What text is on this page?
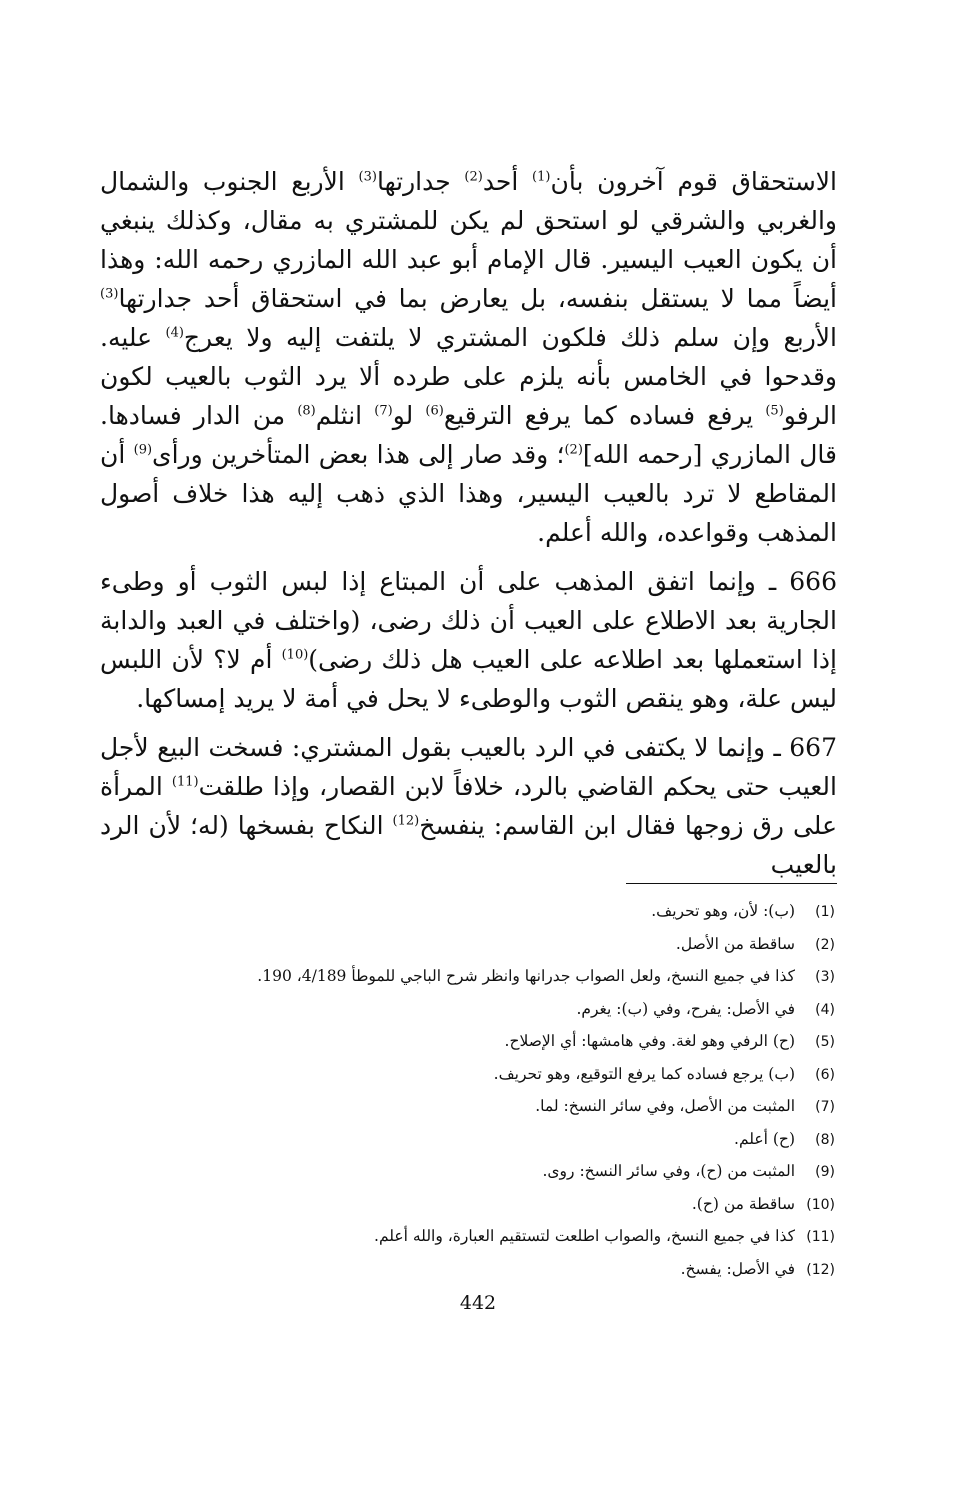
الاستحقاق قوم آخرون بأن$^{(1)}$ أحد$^{(2)}$ جدارتها$^{(3)}$ الأربع الجنوب والشمال والغربي والشرقي لو استحق لم يكن للمشتري به مقال، وكذلك ينبغي أن يكون العيب اليسير. قال الإمام أبو عبد الله المازري رحمه الله: وهذا أيضاً مما لا يستقل بنفسه، بل يعارض بما في استحقاق أحد جدارتها$^{(3)}$ الأربع وإن سلم ذلك فلكون المشتري لا يلتفت إليه ولا يعرج$^{(4)}$ عليه. وقدحوا في الخامس بأنه يلزم على طرده ألا يرد الثوب بالعيب لكون الرفو$^{(5)}$ يرفع فساده كما يرفع الترقيع$^{(6)}$ لو$^{(7)}$ انثلم$^{(8)}$ من الدار فسادها. قال المازري [رحمه الله]$^{(2)}$؛ وقد صار إلى هذا بعض المتأخرين ورأى$^{(9)}$ أن المقاطع لا ترد بالعيب اليسير، وهذا الذي ذهب إليه هذا خلاف أصول المذهب وقواعده، والله أعلم.

666 ـ وإنما اتفق المذهب على أن المبتاع إذا لبس الثوب أو وطىء الجارية بعد الاطلاع على العيب أن ذلك رضى، (واختلف في العبد والدابة إذا استعملها بعد اطلاعه على العيب هل ذلك رضى)$^{(10)}$ أم لا؟ لأن اللبس ليس علة، وهو ينقص الثوب والوطىء لا يحل في أمة لا يريد إمساكها.

667 ـ وإنما لا يكتفى في الرد بالعيب بقول المشتري: فسخت البيع لأجل العيب حتى يحكم القاضي بالرد، خلافاً لابن القصار، وإذا طلقت$^{(11)}$ المرأة على رق زوجها فقال ابن القاسم: ينفسخ$^{(12)}$ النكاح بفسخها (له؛ لأن الرد بالعيب

(1)(ب): لأن، وهو تحريف.
(2)ساقطة من الأصل.
(3)كذا في جميع النسخ، ولعل الصواب جدرانها وانظر شرح الباجي للموطأ 4/189، 190.
(4)في الأصل: يفرح، وفي (ب): يغرم.
(5)(ح) الرفي وهو لغة. وفي هامشها: أي الإصلاح.
(6)(ب) يرجع فساده كما يرفع التوقيع، وهو تحريف.
(7)المثبت من الأصل، وفي سائر النسخ: لما.
(8)(ح) أعلم.
(9)المثبت من (ح)، وفي سائر النسخ: روى.
(10)ساقطة من (ح).
(11)كذا في جميع النسخ، والصواب اطلعت لتستقيم العبارة، والله أعلم.
(12)في الأصل: يفسخ.
442
